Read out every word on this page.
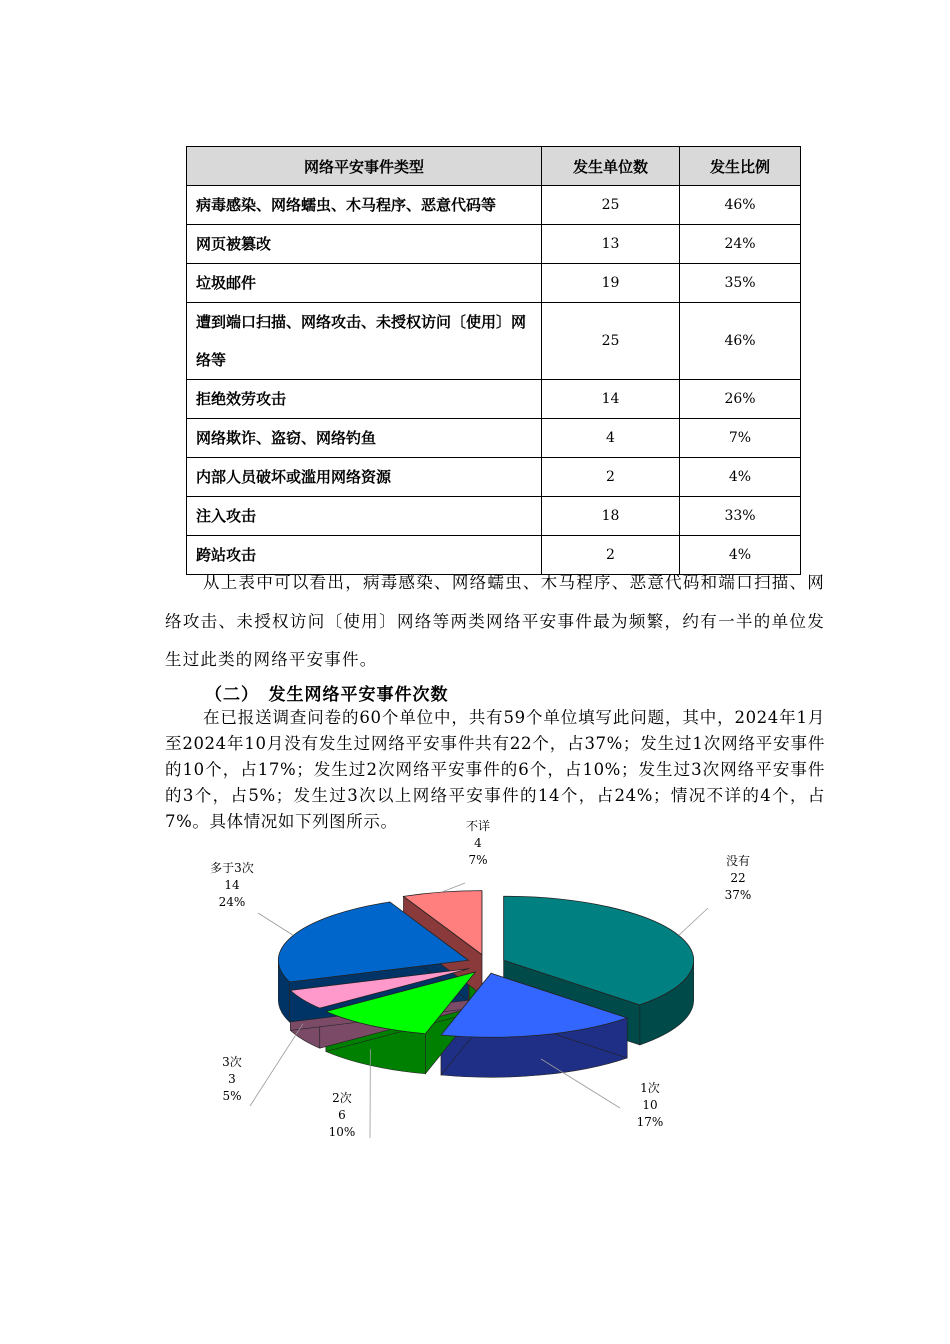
网络平安事件类型	发生单位数	发生比例
病毒感染、网络蠕虫、木马程序、恶意代码等	25	46%
网页被篡改	13	24%
垃圾邮件	19	35%
遭到端口扫描、网络攻击、未授权访问〔使用〕网络等	25	46%
拒绝效劳攻击	14	26%
网络欺诈、盗窃、网络钓鱼	4	7%
内部人员破坏或滥用网络资源	2	4%
注入攻击	18	33%
跨站攻击	2	4%

从上表中可以看出，病毒感染、网络蠕虫、木马程序、恶意代码和端口扫描、网络攻击、未授权访问〔使用〕网络等两类网络平安事件最为频繁，约有一半的单位发生过此类的网络平安事件。

（二）　发生网络平安事件次数

在已报送调查问卷的60个单位中，共有59个单位填写此问题，其中，2024年1月至2024年10月没有发生过网络平安事件共有22个，占37%；发生过1次网络平安事件的10个，占17%；发生过2次网络平安事件的6个，占10%；发生过3次网络平安事件的3个，占5%；发生过3次以上网络平安事件的14个，占24%；情况不详的4个，占7%。具体情况如下列图所示。

没有
22
37%
1次
10
17%
2次
6
10%
3次
3
5%
多于3次
14
24%
不详
4
7%
